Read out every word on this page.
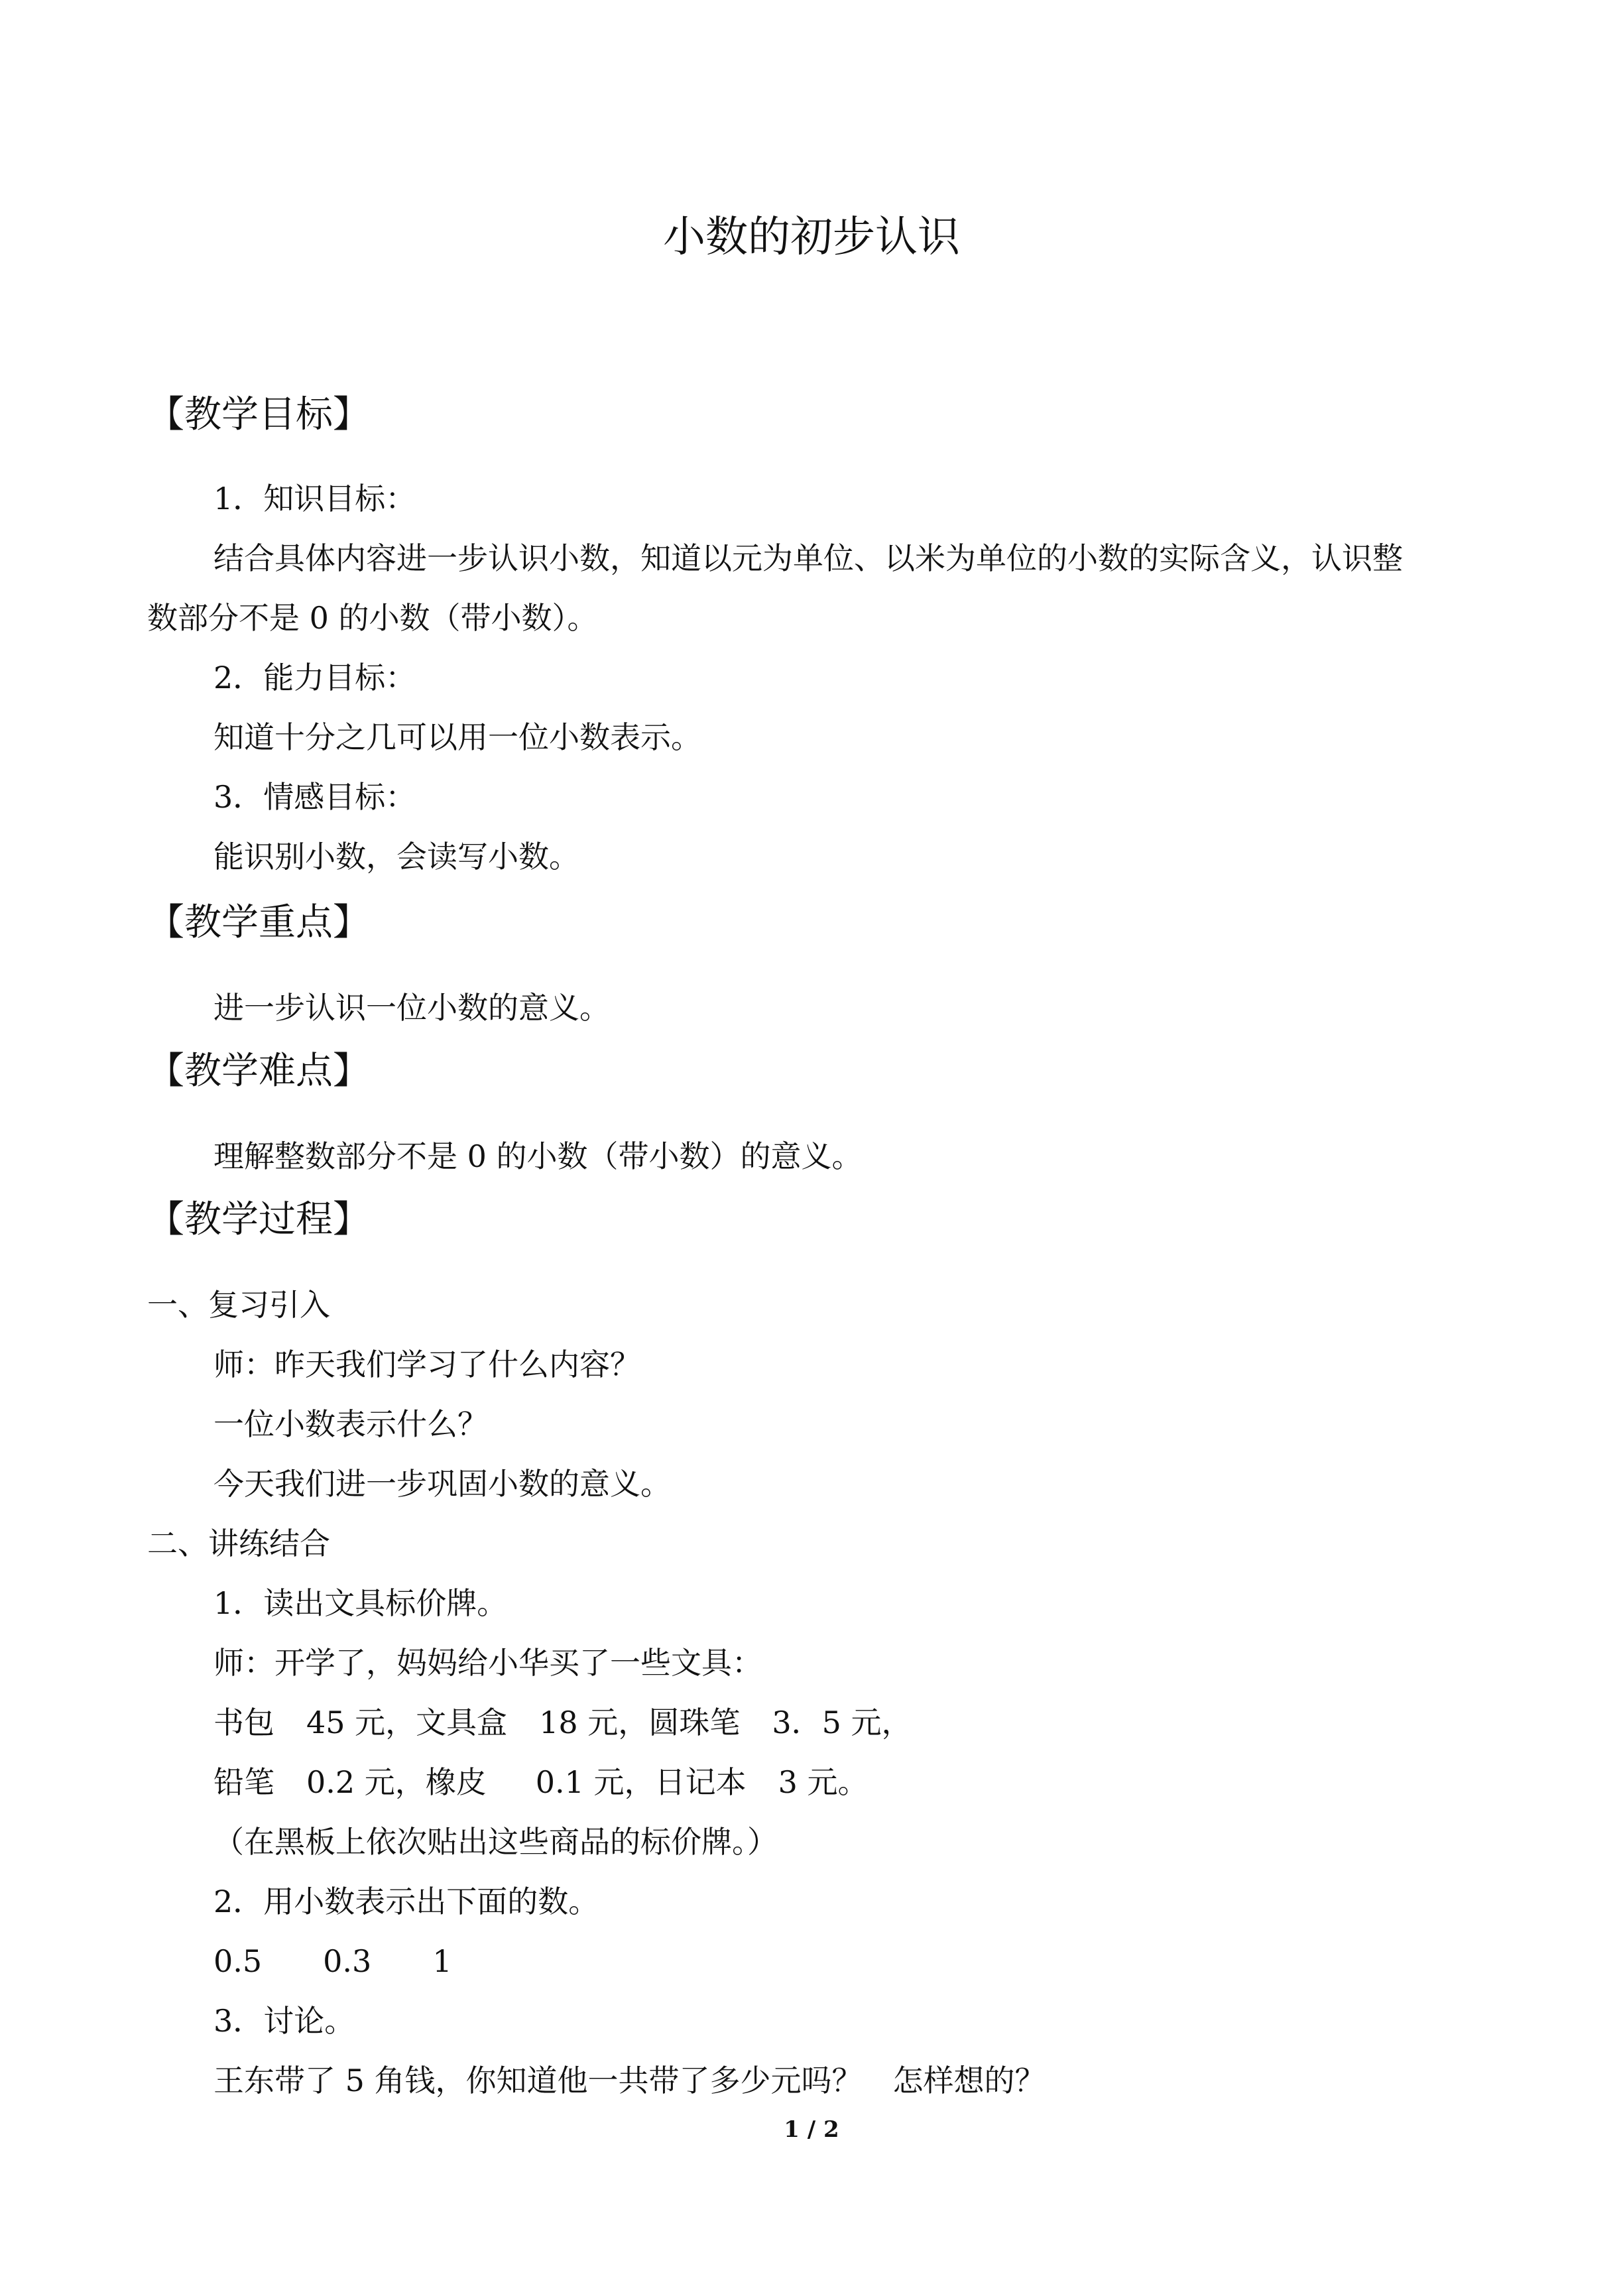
小数的初步认识
【教学目标】
1．知识目标：
结合具体内容进一步认识小数，知道以元为单位、以米为单位的小数的实际含义，认识整
数部分不是 0 的小数（带小数）。
2．能力目标：
知道十分之几可以用一位小数表示。
3．情感目标：
能识别小数，会读写小数。
【教学重点】
进一步认识一位小数的意义。
【教学难点】
理解整数部分不是 0 的小数（带小数）的意义。
【教学过程】
一、复习引入
师：昨天我们学习了什么内容？
一位小数表示什么？
今天我们进一步巩固小数的意义。
二、讲练结合
1．读出文具标价牌。
师：开学了，妈妈给小华买了一些文具：
书包 45 元，文具盒 18 元，圆珠笔 3．5 元，
铅笔 0.2 元，橡皮 0.1 元，日记本 3 元。
（在黑板上依次贴出这些商品的标价牌。）
2．用小数表示出下面的数。
0.5 0.3 1
3．讨论。
王东带了 5 角钱，你知道他一共带了多少元吗？　怎样想的？
1 / 2
